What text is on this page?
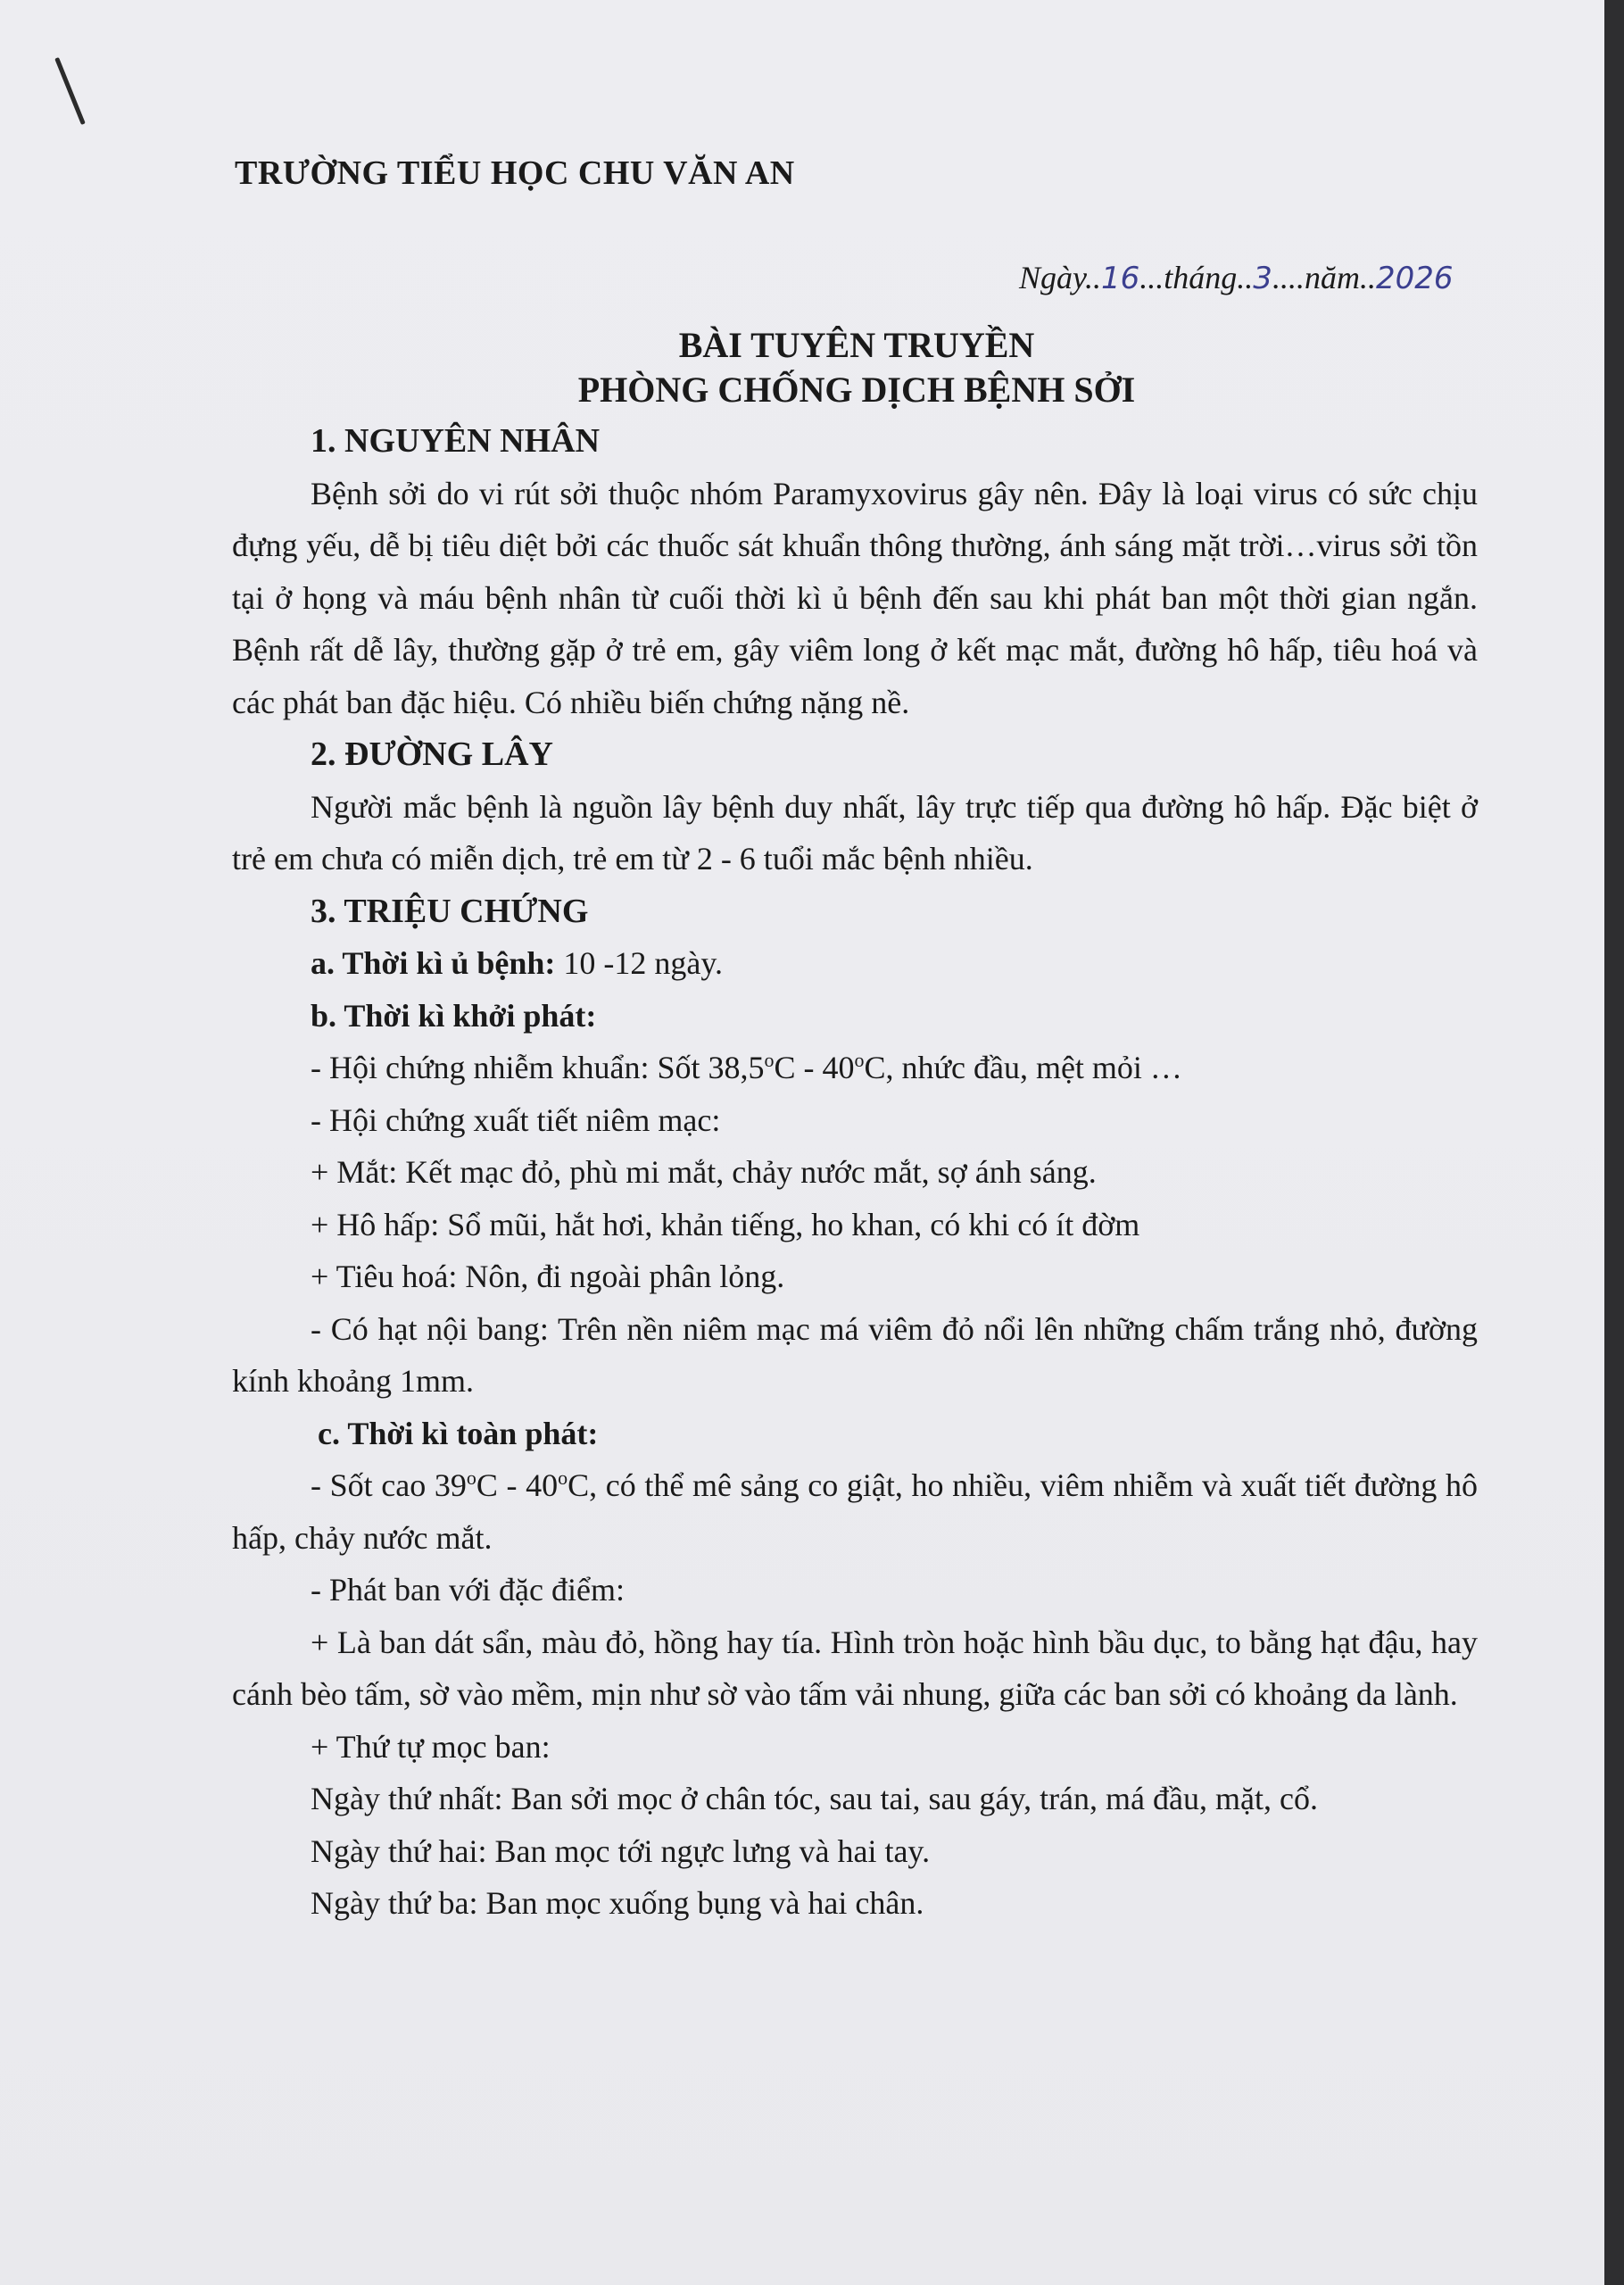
TRƯỜNG TIỂU HỌC CHU VĂN AN
Ngày..16...tháng..3....năm..2026
BÀI TUYÊN TRUYỀN
PHÒNG CHỐNG DỊCH BỆNH SỞI

1. NGUYÊN NHÂN

Bệnh sởi do vi rút sởi thuộc nhóm Paramyxovirus gây nên. Đây là loại virus có sức chịu đựng yếu, dễ bị tiêu diệt bởi các thuốc sát khuẩn thông thường, ánh sáng mặt trời…virus sởi tồn tại ở họng và máu bệnh nhân từ cuối thời kì ủ bệnh đến sau khi phát ban một thời gian ngắn. Bệnh rất dễ lây, thường gặp ở trẻ em, gây viêm long ở kết mạc mắt, đường hô hấp, tiêu hoá và các phát ban đặc hiệu. Có nhiều biến chứng nặng nề.

2. ĐƯỜNG LÂY

Người mắc bệnh là nguồn lây bệnh duy nhất, lây trực tiếp qua đường hô hấp. Đặc biệt ở trẻ em chưa có miễn dịch, trẻ em từ 2 - 6 tuổi mắc bệnh nhiều.

3. TRIỆU CHỨNG

a. Thời kì ủ bệnh: 10 -12 ngày.

b. Thời kì khởi phát:

- Hội chứng nhiễm khuẩn: Sốt 38,5$^o$C - 40$^o$C, nhức đầu, mệt mỏi …

- Hội chứng xuất tiết niêm mạc:

+ Mắt: Kết mạc đỏ, phù mi mắt, chảy nước mắt, sợ ánh sáng.

+ Hô hấp: Sổ mũi, hắt hơi, khản tiếng, ho khan, có khi có ít đờm

+ Tiêu hoá: Nôn, đi ngoài phân lỏng.

- Có hạt nội bang: Trên nền niêm mạc má viêm đỏ nổi lên những chấm trắng nhỏ, đường kính khoảng 1mm.

c. Thời kì toàn phát:

- Sốt cao 39$^o$C - 40$^o$C, có thể mê sảng co giật, ho nhiều, viêm nhiễm và xuất tiết đường hô hấp, chảy nước mắt.

- Phát ban với đặc điểm:

+ Là ban dát sẩn, màu đỏ, hồng hay tía. Hình tròn hoặc hình bầu dục, to bằng hạt đậu, hay cánh bèo tấm, sờ vào mềm, mịn như sờ vào tấm vải nhung, giữa các ban sởi có khoảng da lành.

+ Thứ tự mọc ban:

Ngày thứ nhất: Ban sởi mọc ở chân tóc, sau tai, sau gáy, trán, má đầu, mặt, cổ.

Ngày thứ hai: Ban mọc tới ngực lưng và hai tay.

Ngày thứ ba: Ban mọc xuống bụng và hai chân.
